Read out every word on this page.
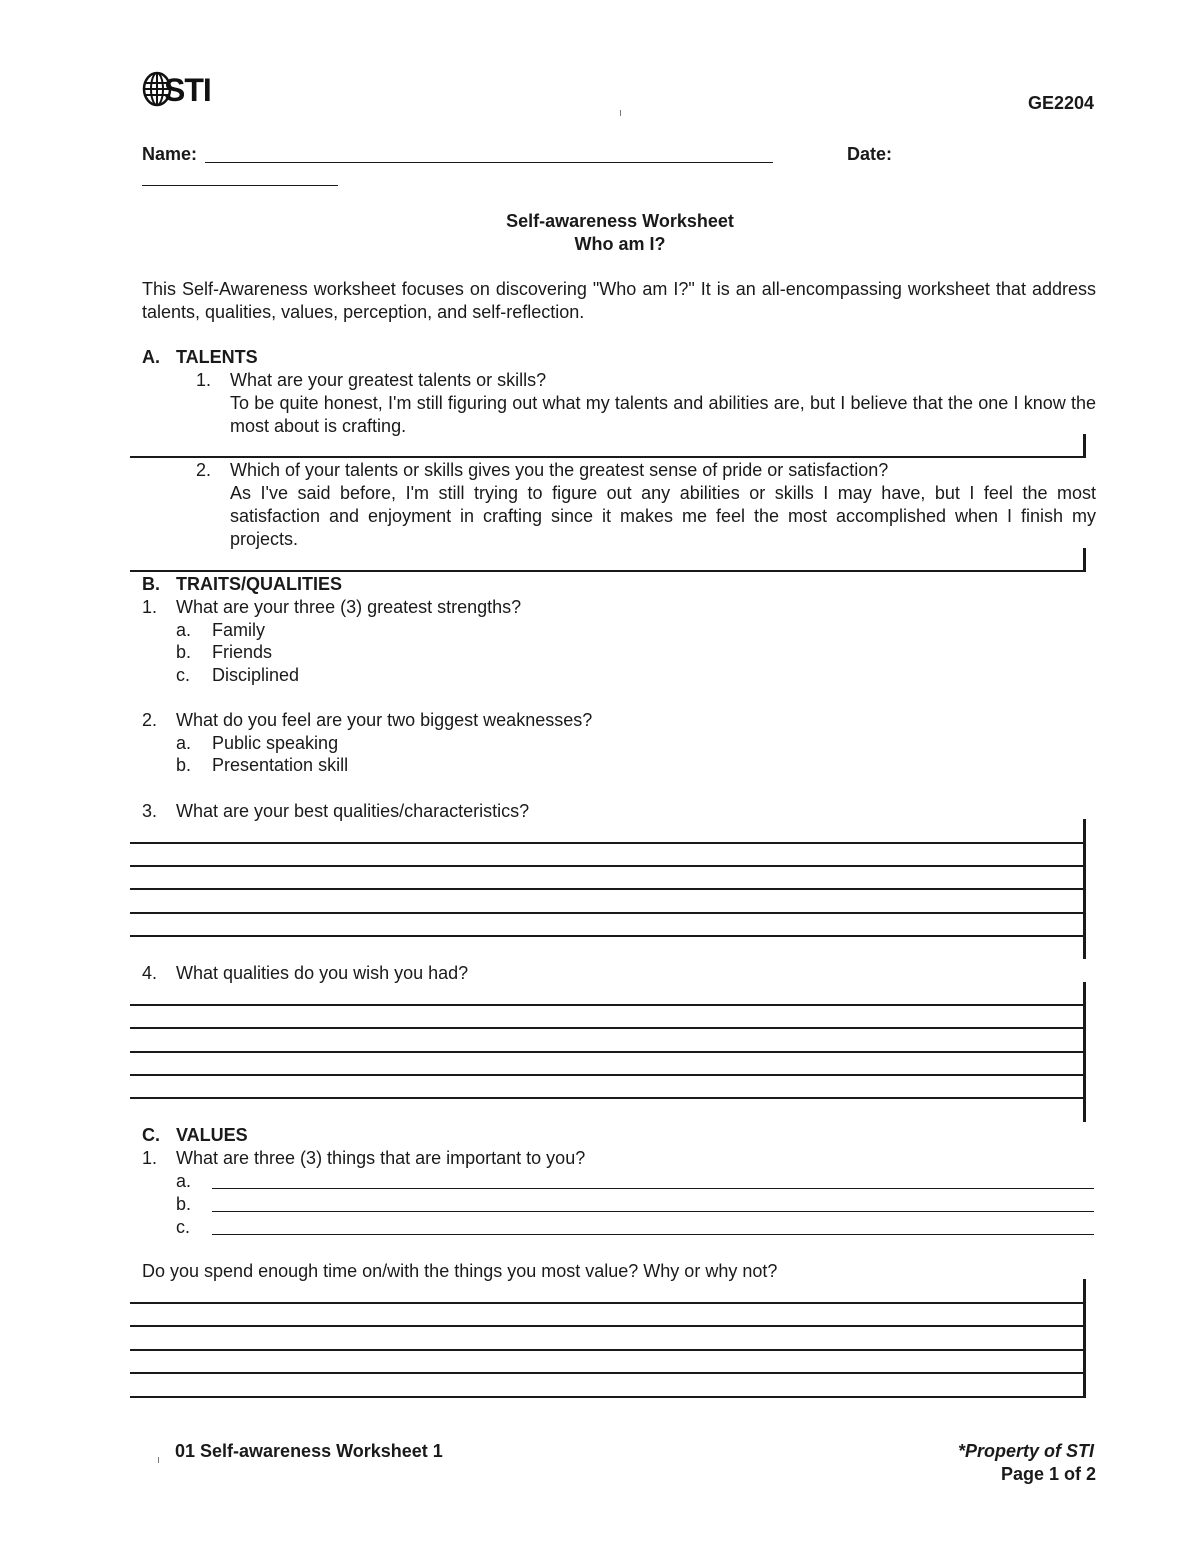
STI	GE2204
Name:	Date:
Self-awareness Worksheet
Who am I?
This Self-Awareness worksheet focuses on discovering "Who am I?" It is an all-encompassing worksheet that address talents, qualities, values, perception, and self-reflection.
A. TALENTS
1. What are your greatest talents or skills?
To be quite honest, I'm still figuring out what my talents and abilities are, but I believe that the one I know the most about is crafting.
2. Which of your talents or skills gives you the greatest sense of pride or satisfaction?
As I've said before, I'm still trying to figure out any abilities or skills I may have, but I feel the most satisfaction and enjoyment in crafting since it makes me feel the most accomplished when I finish my projects.
B. TRAITS/QUALITIES
1. What are your three (3) greatest strengths?
a. Family
b. Friends
c. Disciplined
2. What do you feel are your two biggest weaknesses?
a. Public speaking
b. Presentation skill
3. What are your best qualities/characteristics?
4. What qualities do you wish you had?
C. VALUES
1. What are three (3) things that are important to you?
a.
b.
c.
Do you spend enough time on/with the things you most value? Why or why not?
01 Self-awareness Worksheet 1	*Property of STI
Page 1 of 2
